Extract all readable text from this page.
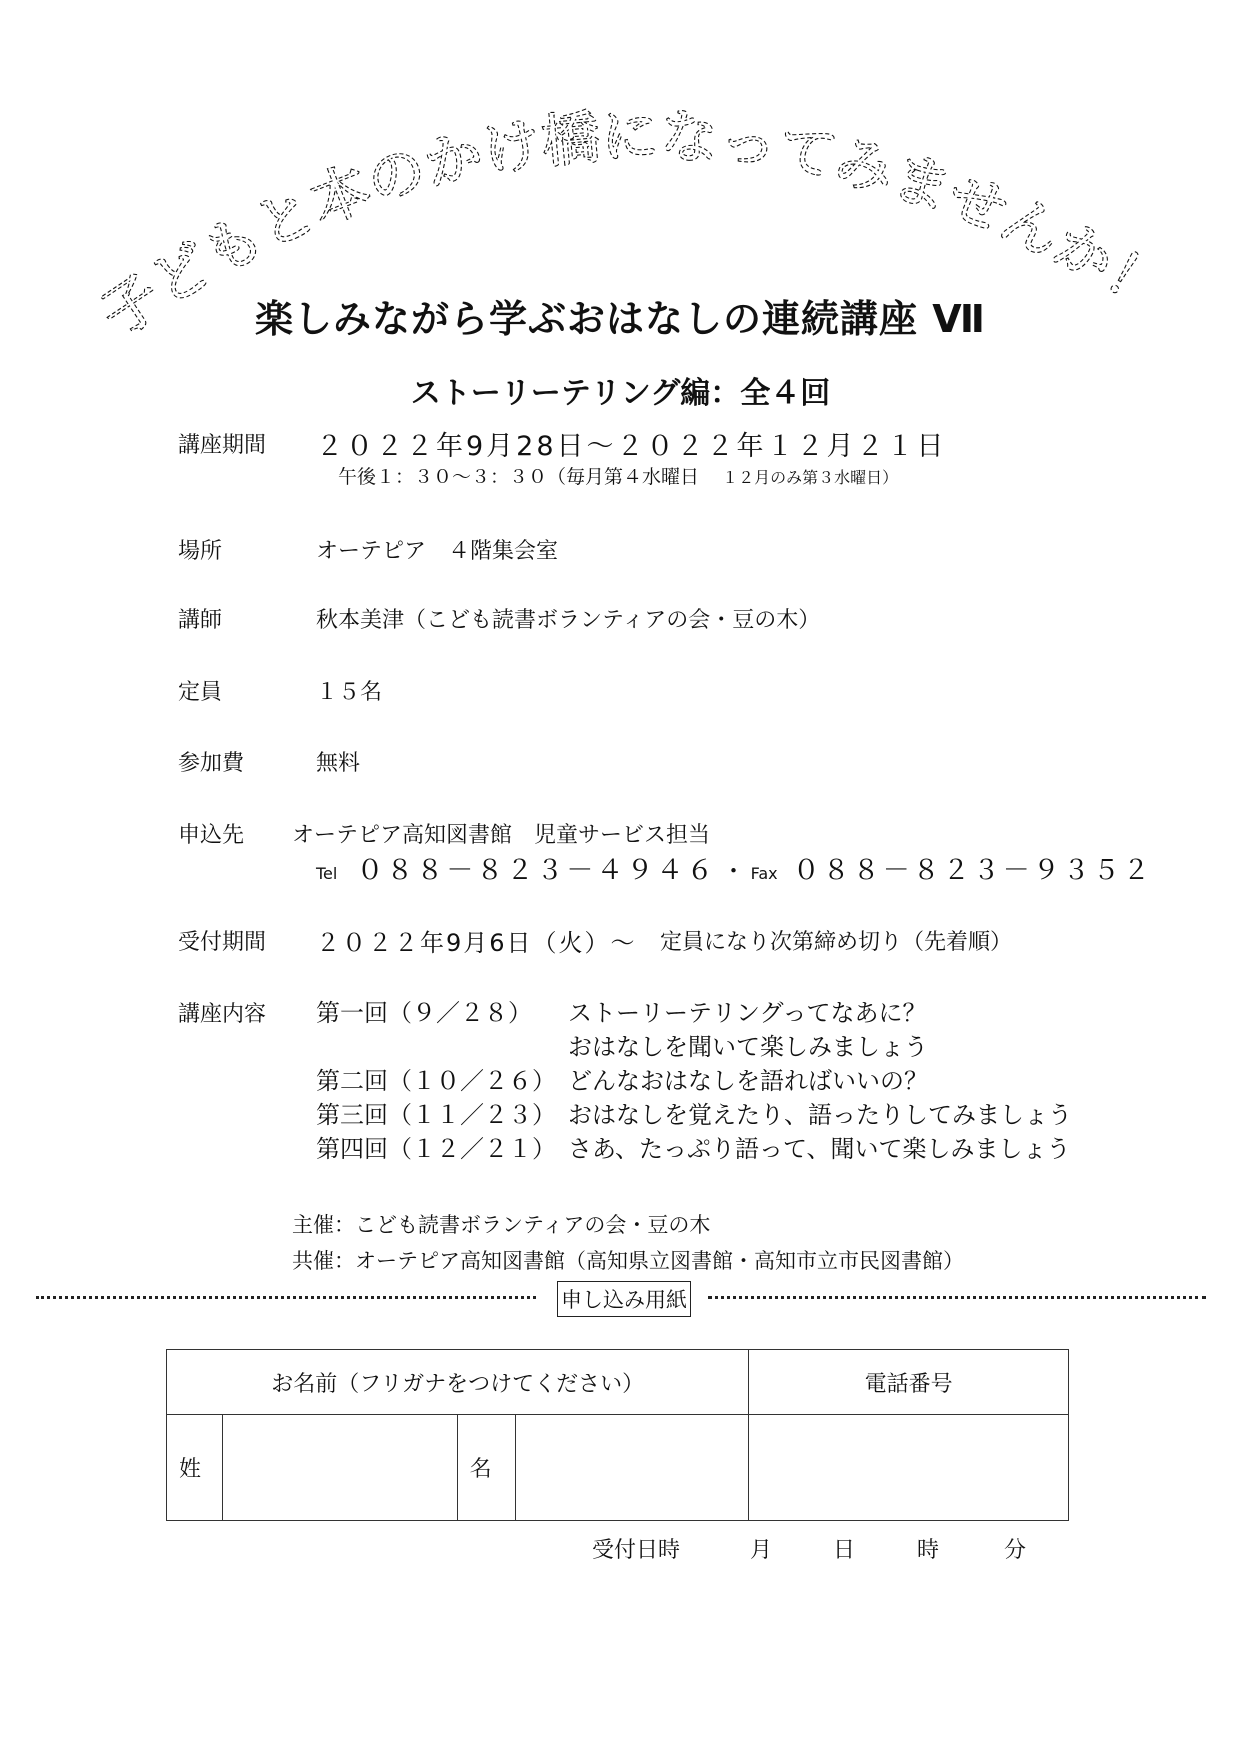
子どもと本のかけ橋になってみませんか！
楽しみながら学ぶおはなしの連続講座 Ⅶ
ストーリーテリング編：全４回
講座期間 ２０２２年9月28日～２０２２年１２月２１日
午後１：３０～３：３０（毎月第４水曜日 １２月のみ第３水曜日）
場所	オーテピア　４階集会室
講師	秋本美津（こども読書ボランティアの会・豆の木）
定員	１５名
参加費	無料
申込先 オーテピア高知図書館　児童サービス担当
Tel ０８８－８２３－４９４６ ・ Fax ０８８－８２３－９３５２
受付期間 ２０２２年9月6日（火）～ 定員になり次第締め切り（先着順）
講座内容 第一回（９／２８）	ストーリーテリングってなあに？
おはなしを聞いて楽しみましょう
第二回（１０／２６） どんなおはなしを語ればいいの？
第三回（１１／２３） おはなしを覚えたり、語ったりしてみましょう
第四回（１２／２１） さあ、たっぷり語って、聞いて楽しみましょう
主催：こども読書ボランティアの会・豆の木
共催：オーテピア高知図書館（高知県立図書館・高知市立市民図書館）
申し込み用紙
お名前（フリガナをつけてください）				電話番号
姓		名		
受付日時	月	日	時	分
